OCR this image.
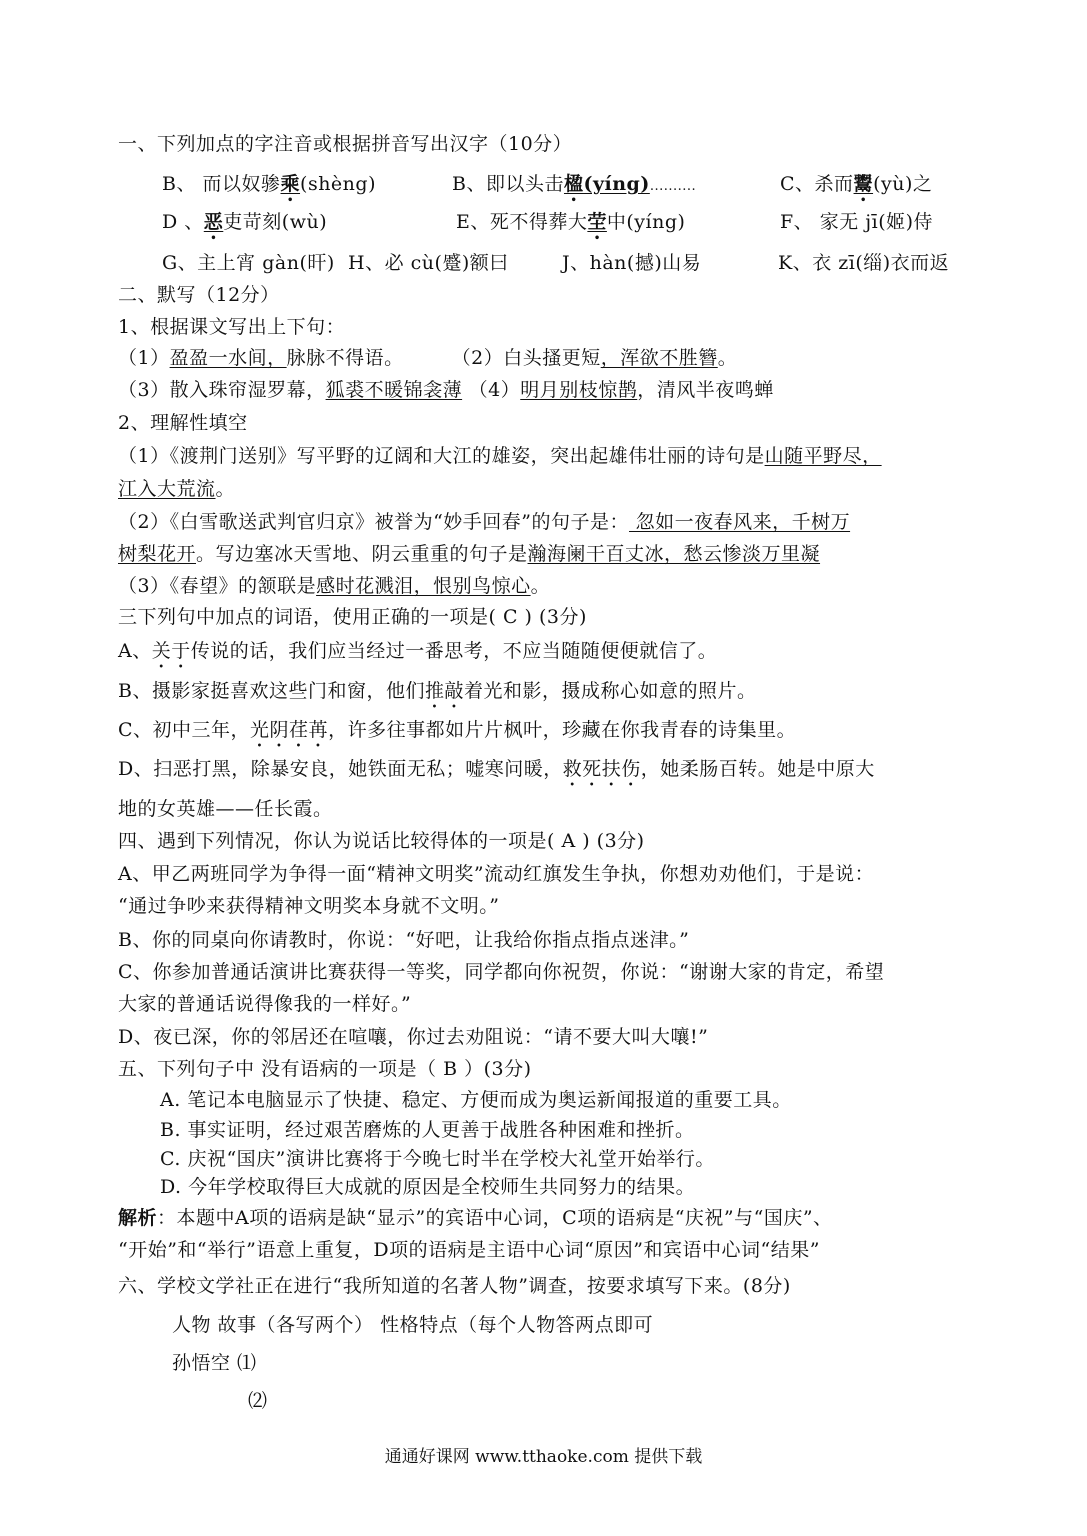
一、下列加点的字注音或根据拼音写出汉字（10分）
B、 而以奴骖乘(shèng)	B、即以头击楹(yíng)..........	C、杀而鬻(yù)之
D 、恶吏苛刻(wù)	E、死不得葬大茔中(yíng)	F、 家无 jī(姬)侍
G、主上宵 gàn(旰) H、必 cù(蹙)额曰	J、hàn(撼)山易	K、衣 zī(缁)衣而返
二、默写（12分）
1、根据课文写出上下句：
（1）盈盈一水间，脉脉不得语。	（2）白头搔更短，浑欲不胜簪。
（3）散入珠帘湿罗幕，狐裘不暖锦衾薄 （4）明月别枝惊鹊，清风半夜鸣蝉
2、理解性填空
（1）《渡荆门送别》写平野的辽阔和大江的雄姿，突出起雄伟壮丽的诗句是山随平野尽，
江入大荒流。
（2）《白雪歌送武判官归京》被誉为“妙手回春”的句子是： 忽如一夜春风来，千树万
树梨花开。写边塞冰天雪地、阴云重重的句子是瀚海阑干百丈冰，愁云惨淡万里凝
（3）《春望》的颔联是感时花溅泪，恨别鸟惊心。
三下列句中加点的词语，使用正确的一项是( C ) (3分)
A、关于传说的话，我们应当经过一番思考，不应当随随便便就信了。
B、摄影家挺喜欢这些门和窗，他们推敲着光和影，摄成称心如意的照片。
C、初中三年，光阴荏苒，许多往事都如片片枫叶，珍藏在你我青春的诗集里。
D、扫恶打黑，除暴安良，她铁面无私；嘘寒问暖，救死扶伤，她柔肠百转。她是中原大
地的女英雄——任长霞。
四、遇到下列情况，你认为说话比较得体的一项是( A ) (3分)
A、甲乙两班同学为争得一面“精神文明奖”流动红旗发生争执，你想劝劝他们，于是说：
“通过争吵来获得精神文明奖本身就不文明。”
B、你的同桌向你请教时，你说：“好吧，让我给你指点指点迷津。”
C、你参加普通话演讲比赛获得一等奖，同学都向你祝贺，你说：“谢谢大家的肯定，希望
大家的普通话说得像我的一样好。”
D、夜已深，你的邻居还在喧嚷，你过去劝阻说：“请不要大叫大嚷!”
五、下列句子中 没有语病的一项是（ B ）(3分)
A. 笔记本电脑显示了快捷、稳定、方便而成为奥运新闻报道的重要工具。
B. 事实证明，经过艰苦磨炼的人更善于战胜各种困难和挫折。
C. 庆祝“国庆”演讲比赛将于今晚七时半在学校大礼堂开始举行。
D. 今年学校取得巨大成就的原因是全校师生共同努力的结果。
解析：本题中A项的语病是缺“显示”的宾语中心词，C项的语病是“庆祝”与“国庆”、
“开始”和“举行”语意上重复，D项的语病是主语中心词“原因”和宾语中心词“结果”
六、学校文学社正在进行“我所知道的名著人物”调查，按要求填写下来。(8分)
人物 故事（各写两个） 性格特点（每个人物答两点即可
孙悟空 ⑴
⑵
通通好课网 www.tthaoke.com 提供下载
